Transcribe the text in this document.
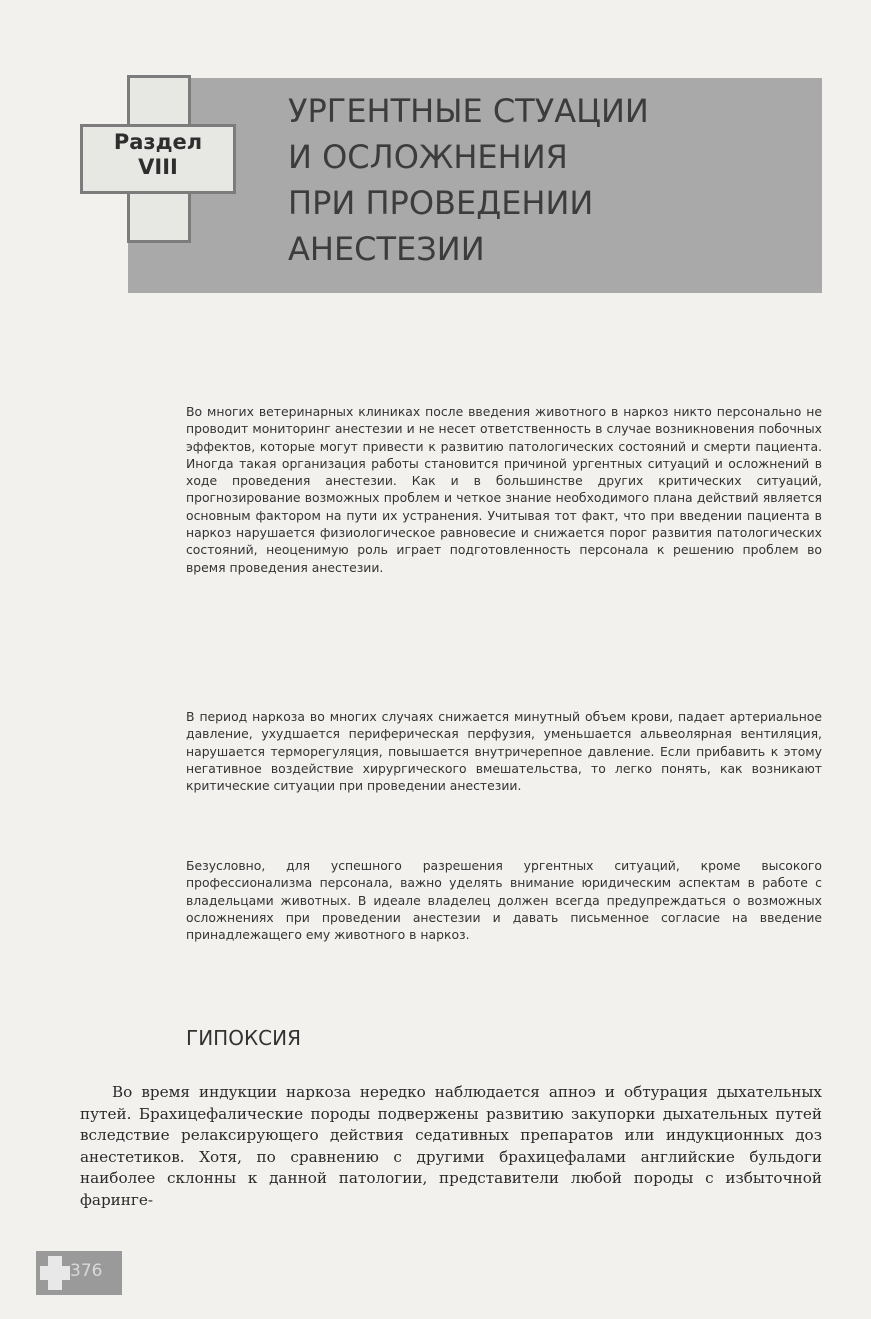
Раздел
VIII
УРГЕНТНЫЕ СТУАЦИИ
И ОСЛОЖНЕНИЯ
ПРИ ПРОВЕДЕНИИ
АНЕСТЕЗИИ
Во многих ветеринарных клиниках после введения животного в наркоз никто персонально не проводит мониторинг анестезии и не несет ответственность в случае возникновения побочных эффектов, которые могут привести к развитию патологических состояний и смерти пациента. Иногда такая организация работы становится причиной ургентных ситуаций и осложнений в ходе проведения анестезии. Как и в большинстве других критических ситуаций, прогнозирование возможных проблем и четкое знание необходимого плана действий является основным фактором на пути их устранения. Учитывая тот факт, что при введении пациента в наркоз нарушается физиологическое равновесие и снижается порог развития патологических состояний, неоценимую роль играет подготовленность персонала к решению проблем во время проведения анестезии.
В период наркоза во многих случаях снижается минутный объем крови, падает артериальное давление, ухудшается периферическая перфузия, уменьшается альвеолярная вентиляция, нарушается терморегуляция, повышается внутричерепное давление. Если прибавить к этому негативное воздействие хирургического вмешательства, то легко понять, как возникают критические ситуации при проведении анестезии.
Безусловно, для успешного разрешения ургентных ситуаций, кроме высокого профессионализма персонала, важно уделять внимание юридическим аспектам в работе с владельцами животных. В идеале владелец должен всегда предупреждаться о возможных осложнениях при проведении анестезии и давать письменное согласие на введение принадлежащего ему животного в наркоз.
ГИПОКСИЯ
Во время индукции наркоза нередко наблюдается апноэ и обтурация дыхательных путей. Брахицефалические породы подвержены развитию закупорки дыхательных путей вследствие релаксирующего действия седативных препаратов или индукционных доз анестетиков. Хотя, по сравнению с другими брахицефалами английские бульдоги наиболее склонны к данной патологии, представители любой породы с избыточной фаринге-
376
